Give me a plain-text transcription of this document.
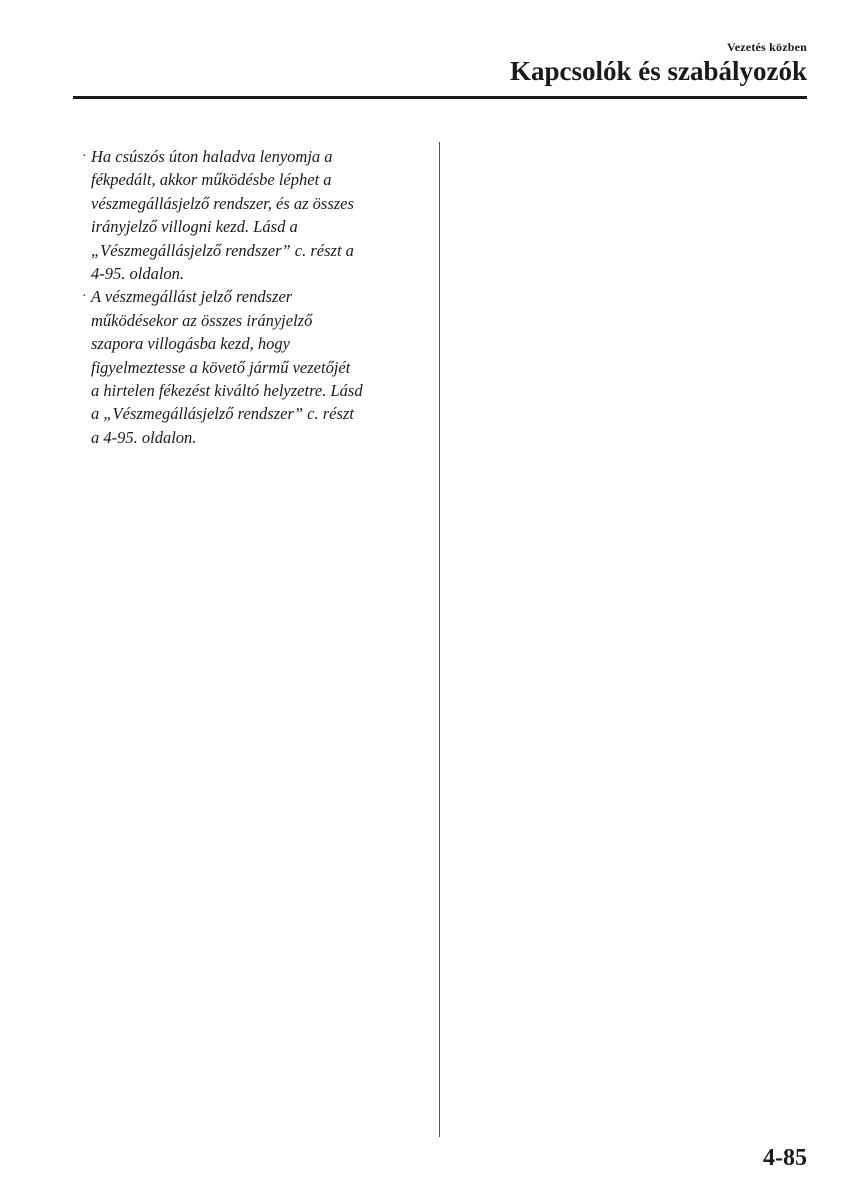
Vezetés közben
Kapcsolók és szabályozók
· Ha csúszós úton haladva lenyomja a
fékpedált, akkor működésbe léphet a
vészmegállásjelző rendszer, és az összes
irányjelző villogni kezd. Lásd a
„Vészmegállásjelző rendszer” c. részt a
4-95. oldalon.
· A vészmegállást jelző rendszer
működésekor az összes irányjelző
szapora villogásba kezd, hogy
figyelmeztesse a követő jármű vezetőjét
a hirtelen fékezést kiváltó helyzetre. Lásd
a „Vészmegállásjelző rendszer” c. részt
a 4-95. oldalon.
4-85
